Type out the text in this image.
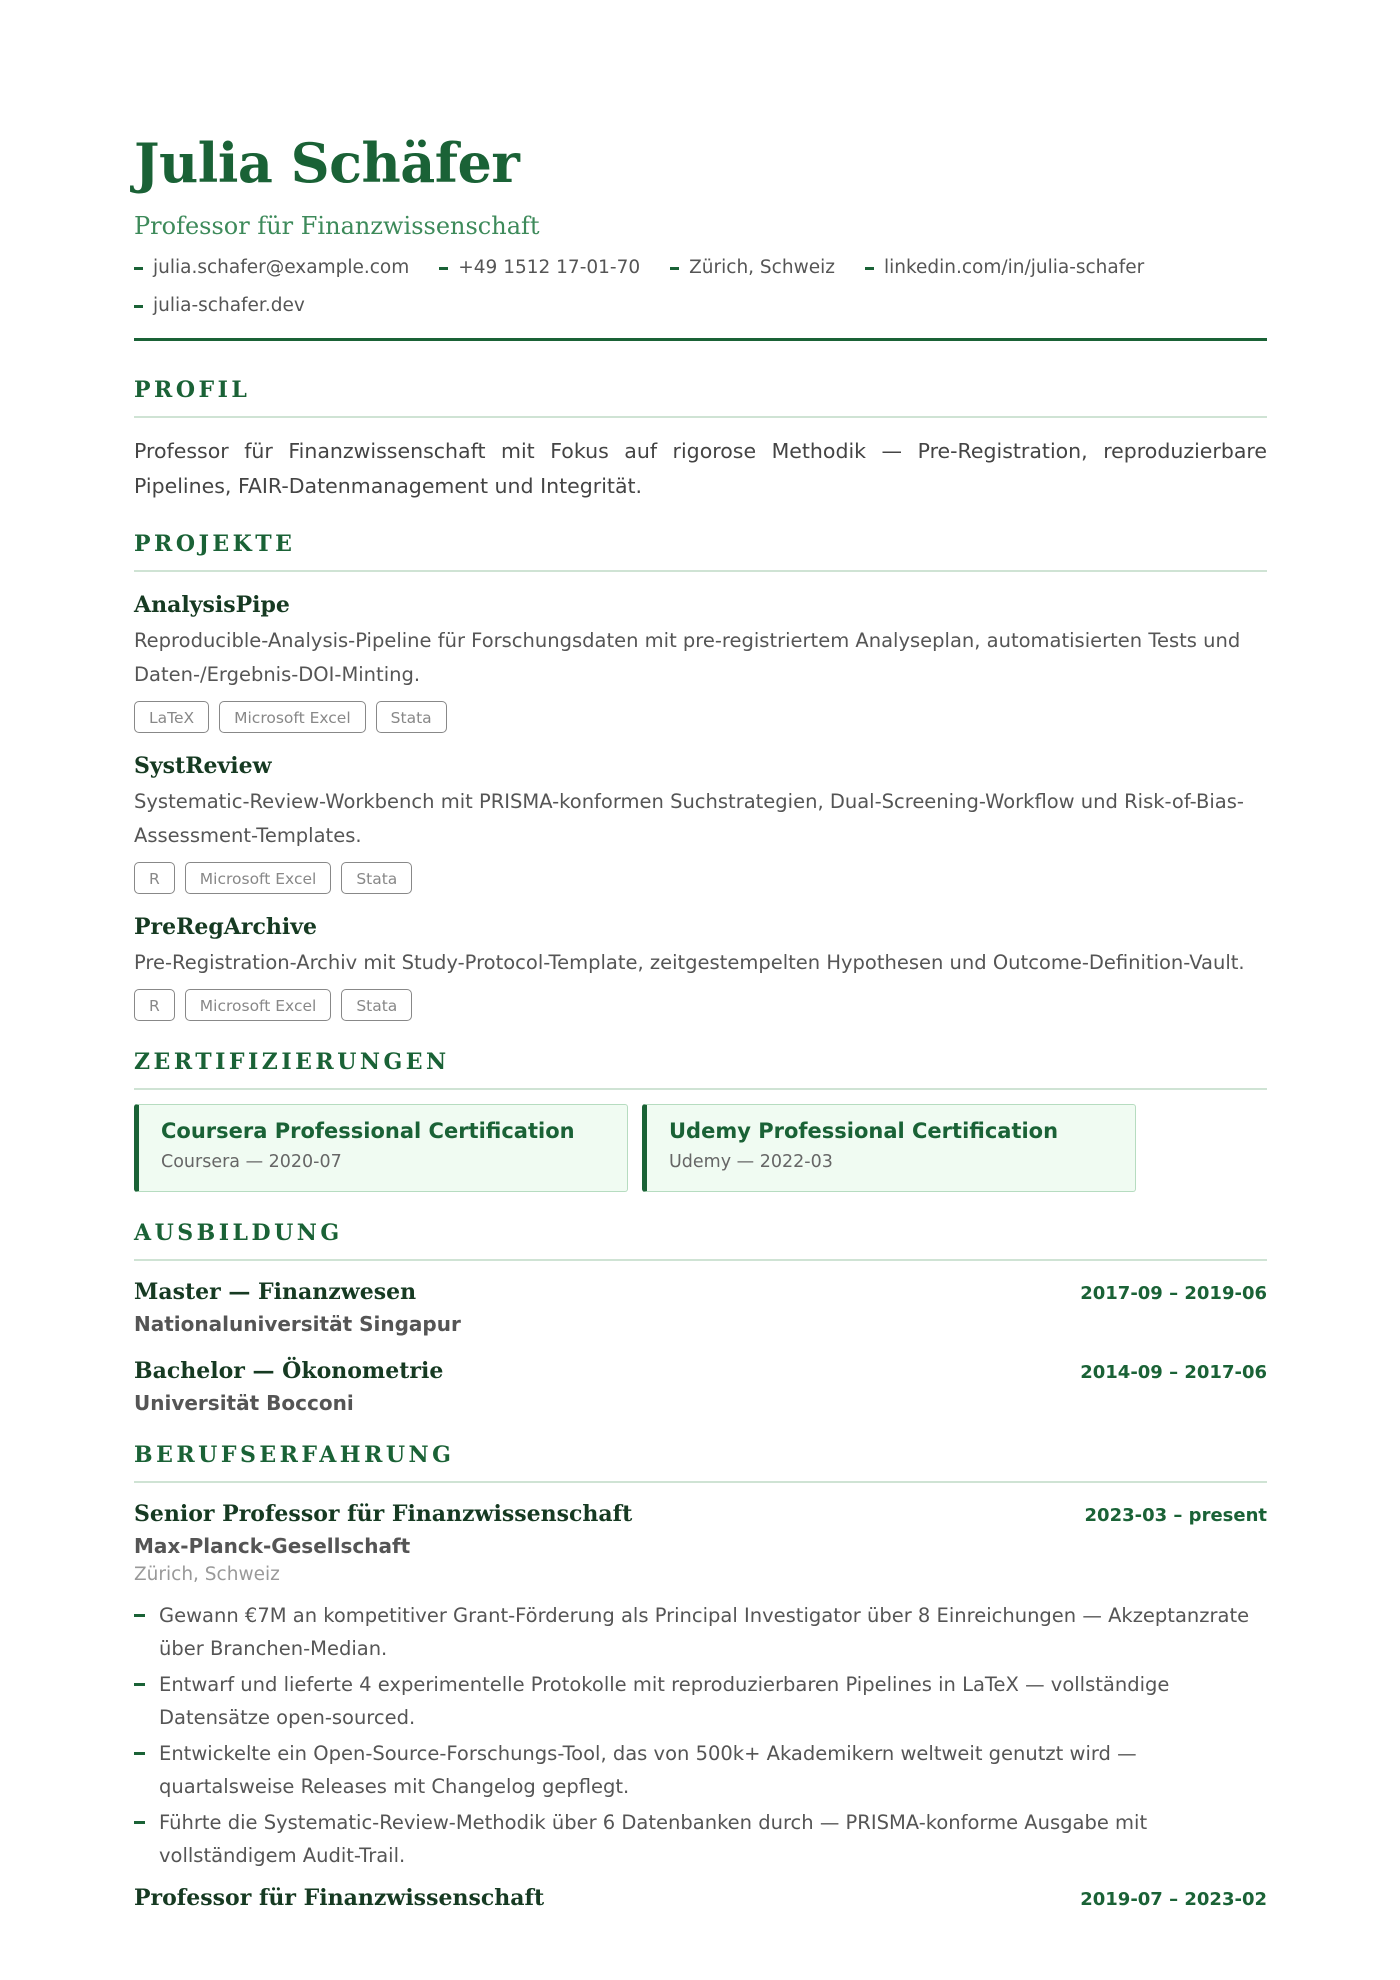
Julia Schäfer
Professor für Finanzwissenschaft
julia.schafer@example.com	+49 1512 17-01-70	Zürich, Schweiz	linkedin.com/in/julia-schafer
julia-schafer.dev
PROFIL
Professor für Finanzwissenschaft mit Fokus auf rigorose Methodik — Pre-Registration, reproduzierbare Pipelines, FAIR-Datenmanagement und Integrität.
PROJEKTE
AnalysisPipe
Reproducible-Analysis-Pipeline für Forschungsdaten mit pre-registriertem Analyseplan, automatisierten Tests und Daten-/Ergebnis-DOI-Minting.
LaTeX	Microsoft Excel	Stata
SystReview
Systematic-Review-Workbench mit PRISMA-konformen Suchstrategien, Dual-Screening-Workflow und Risk-of-Bias-Assessment-Templates.
R	Microsoft Excel	Stata
PreRegArchive
Pre-Registration-Archiv mit Study-Protocol-Template, zeitgestempelten Hypothesen und Outcome-Definition-Vault.
R	Microsoft Excel	Stata
ZERTIFIZIERUNGEN
Coursera Professional Certification
Coursera — 2020-07
Udemy Professional Certification
Udemy — 2022-03
AUSBILDUNG
Master — Finanzwesen	2017-09 – 2019-06
Nationaluniversität Singapur
Bachelor — Ökonometrie	2014-09 – 2017-06
Universität Bocconi
BERUFSERFAHRUNG
Senior Professor für Finanzwissenschaft	2023-03 – present
Max-Planck-Gesellschaft
Zürich, Schweiz
Gewann €7M an kompetitiver Grant-Förderung als Principal Investigator über 8 Einreichungen — Akzeptanzrate über Branchen-Median.
Entwarf und lieferte 4 experimentelle Protokolle mit reproduzierbaren Pipelines in LaTeX — vollständige Datensätze open-sourced.
Entwickelte ein Open-Source-Forschungs-Tool, das von 500k+ Akademikern weltweit genutzt wird — quartalsweise Releases mit Changelog gepflegt.
Führte die Systematic-Review-Methodik über 6 Datenbanken durch — PRISMA-konforme Ausgabe mit vollständigem Audit-Trail.
Professor für Finanzwissenschaft	2019-07 – 2023-02
